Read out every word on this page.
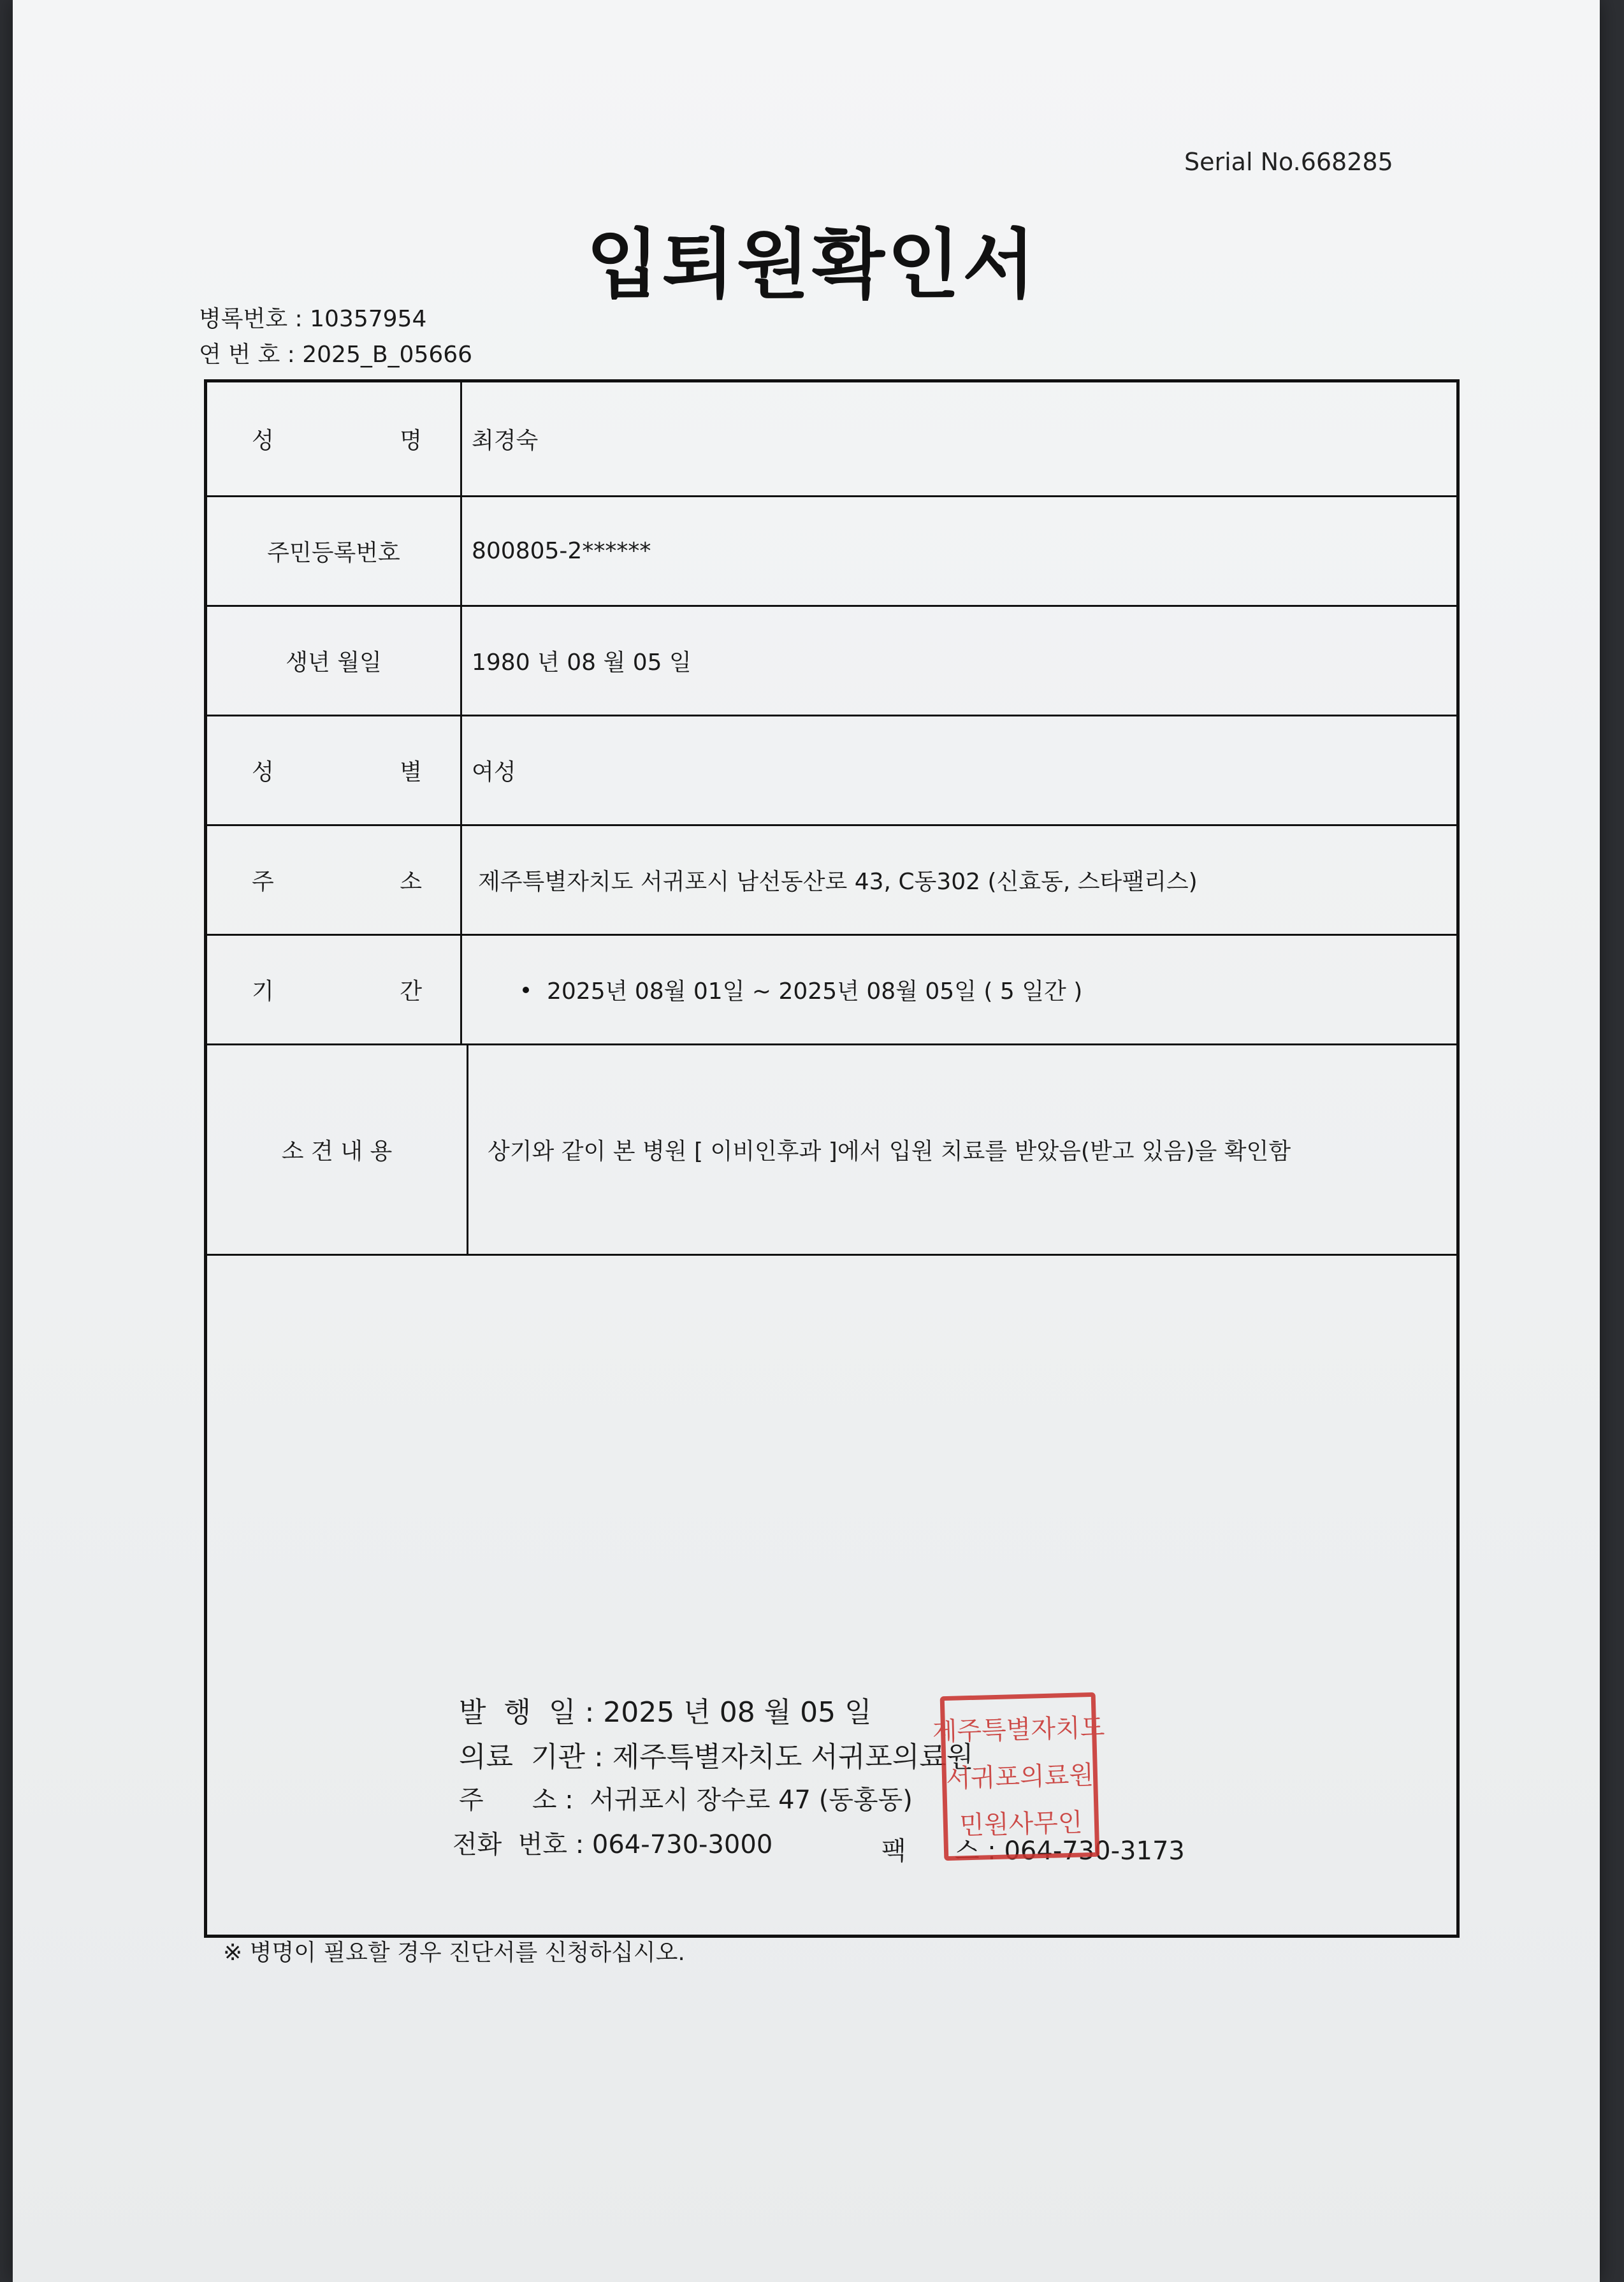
Serial No.668285
입퇴원확인서
병록번호 : 10357954
연 번 호 : 2025_B_05666
성	명 최경숙
주민등록번호	800805-2******
생년 월일	1980 년 08 월 05 일
성	별 여성
주	소 제주특별자치도 서귀포시 남선동산로 43, C동302 (신효동, 스타팰리스)
기	간	2025년 08월 01일 ~ 2025년 08월 05일 ( 5 일간 )
소 견 내 용	상기와 같이 본 병원 [ 이비인후과 ]에서 입원 치료를 받았음(받고 있음)을 확인함
발  행  일 : 2025 년 08 월 05 일
의료  기관 : 제주특별자치도 서귀포의료원
주      소 : 서귀포시 장수로 47 (동홍동)
전화  번호 : 064-730-3000	팩      스 : 064-730-3173
제주특별자치도
서귀포의료원
민원사무인
※ 병명이 필요할 경우 진단서를 신청하십시오.
